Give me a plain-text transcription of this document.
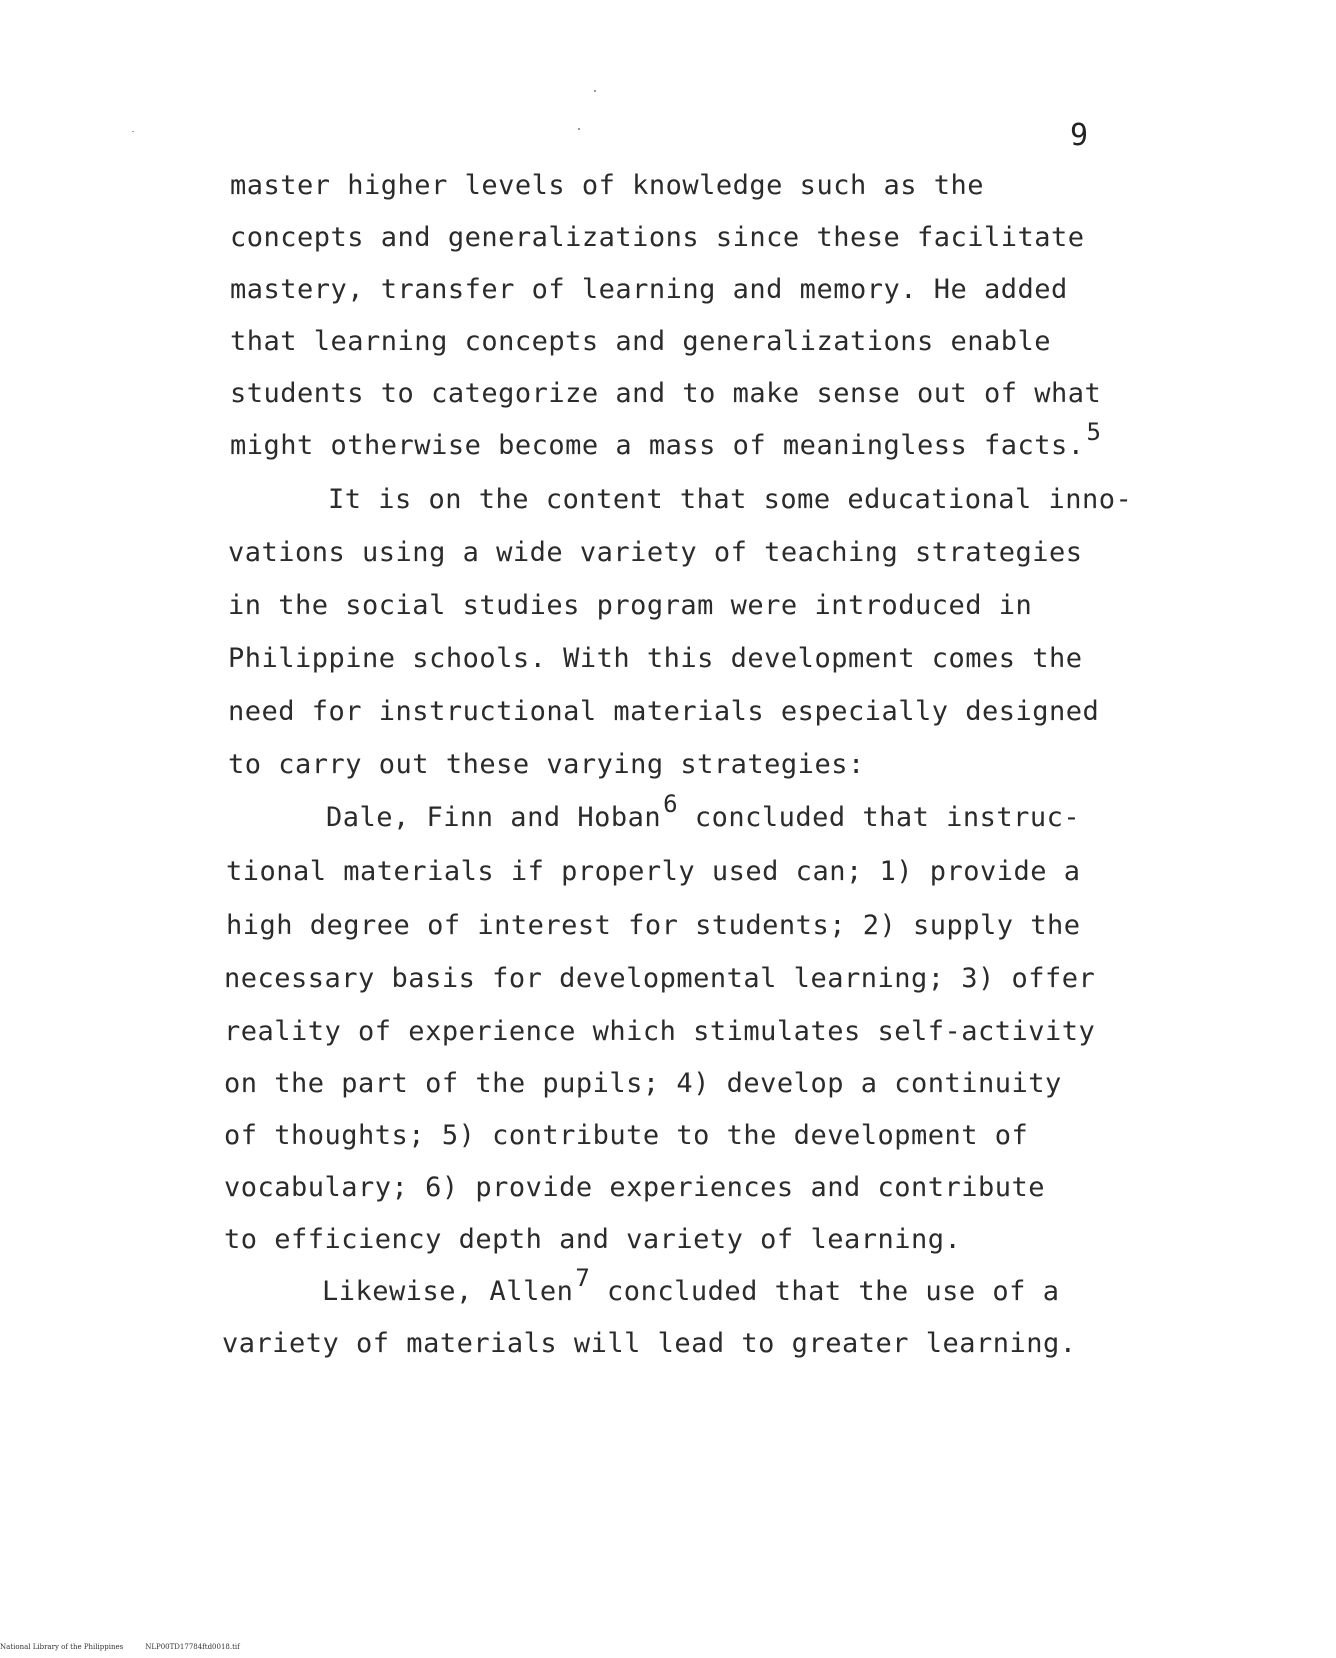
9
master higher levels of knowledge such as the
concepts and generalizations since these facilitate
mastery, transfer of learning and memory. He added
that learning concepts and generalizations enable
students to categorize and to make sense out of what
might otherwise become a mass of meaningless facts.$^5$
It is on the content that some educational inno-
vations using a wide variety of teaching strategies
in the social studies program were introduced in
Philippine schools. With this development comes the
need for instructional materials especially designed
to carry out these varying strategies:
Dale, Finn and Hoban$^6$ concluded that instruc-
tional materials if properly used can; 1) provide a
high degree of interest for students; 2) supply the
necessary basis for developmental learning; 3) offer
reality of experience which stimulates self-activity
on the part of the pupils; 4) develop a continuity
of thoughts; 5) contribute to the development of
vocabulary; 6) provide experiences and contribute
to efficiency depth and variety of learning.
Likewise, Allen$^7$ concluded that the use of a
variety of materials will lead to greater learning.
National Library of the Philippines	NLP00TD17784ftd0018.tif
